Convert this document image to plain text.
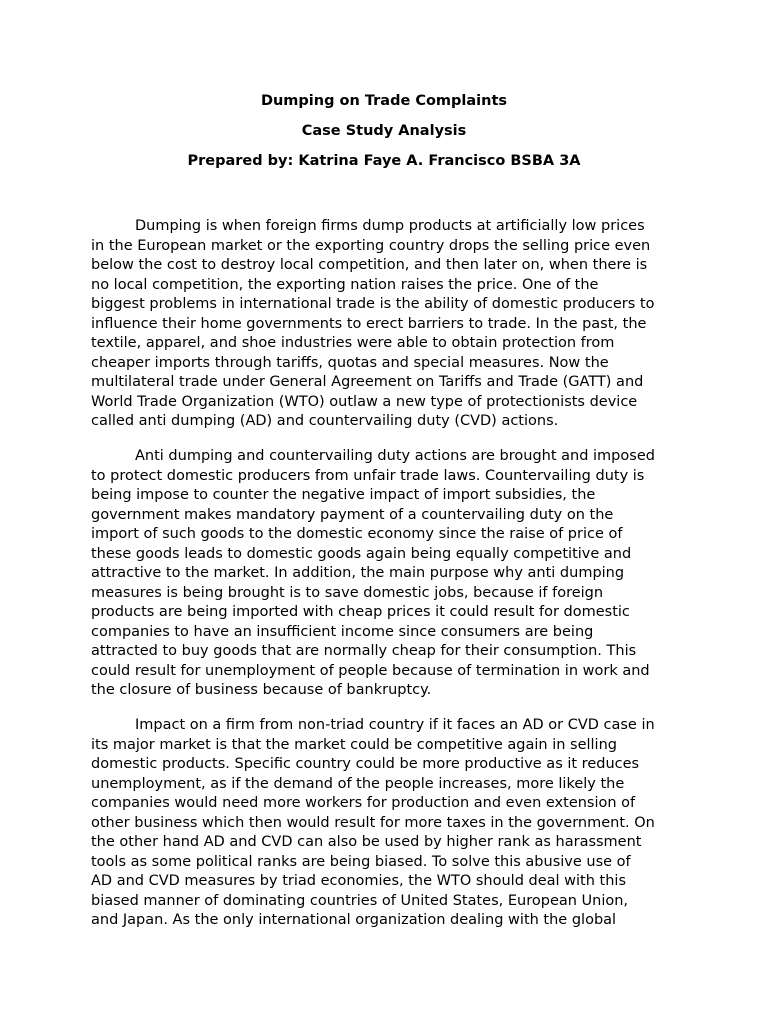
Dumping on Trade Complaints
Case Study Analysis
Prepared by: Katrina Faye A. Francisco BSBA 3A
Dumping is when foreign firms dump products at artificially low prices
in the European market or the exporting country drops the selling price even
below the cost to destroy local competition, and then later on, when there is
no local competition, the exporting nation raises the price. One of the
biggest problems in international trade is the ability of domestic producers to
influence their home governments to erect barriers to trade. In the past, the
textile, apparel, and shoe industries were able to obtain protection from
cheaper imports through tariffs, quotas and special measures. Now the
multilateral trade under General Agreement on Tariffs and Trade (GATT) and
World Trade Organization (WTO) outlaw a new type of protectionists device
called anti dumping (AD) and countervailing duty (CVD) actions.
Anti dumping and countervailing duty actions are brought and imposed
to protect domestic producers from unfair trade laws. Countervailing duty is
being impose to counter the negative impact of import subsidies, the
government makes mandatory payment of a countervailing duty on the
import of such goods to the domestic economy since the raise of price of
these goods leads to domestic goods again being equally competitive and
attractive to the market. In addition, the main purpose why anti dumping
measures is being brought is to save domestic jobs, because if foreign
products are being imported with cheap prices it could result for domestic
companies to have an insufficient income since consumers are being
attracted to buy goods that are normally cheap for their consumption. This
could result for unemployment of people because of termination in work and
the closure of business because of bankruptcy.
Impact on a firm from non-triad country if it faces an AD or CVD case in
its major market is that the market could be competitive again in selling
domestic products. Specific country could be more productive as it reduces
unemployment, as if the demand of the people increases, more likely the
companies would need more workers for production and even extension of
other business which then would result for more taxes in the government. On
the other hand AD and CVD can also be used by higher rank as harassment
tools as some political ranks are being biased. To solve this abusive use of
AD and CVD measures by triad economies, the WTO should deal with this
biased manner of dominating countries of United States, European Union,
and Japan. As the only international organization dealing with the global
